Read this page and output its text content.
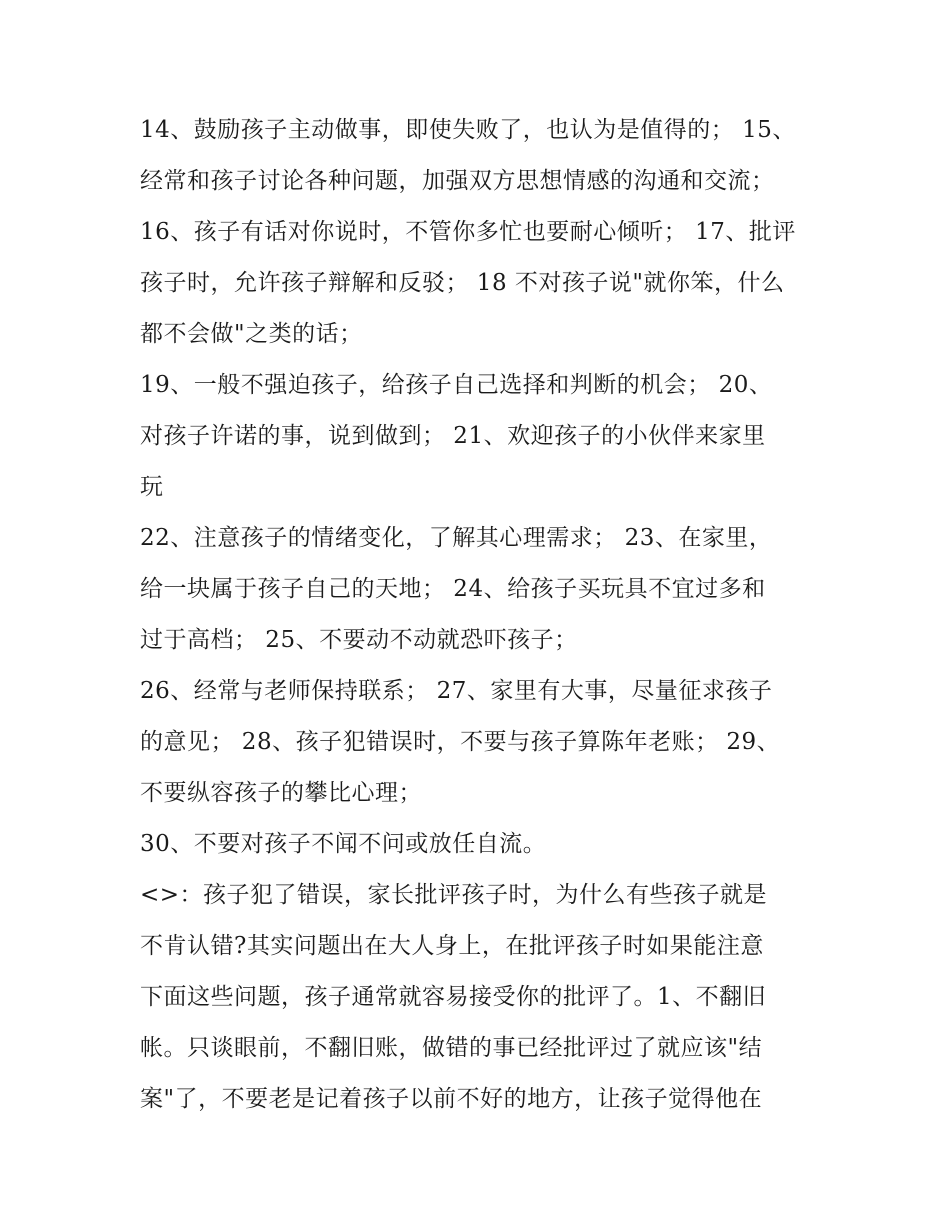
14、鼓励孩子主动做事，即使失败了，也认为是值得的； 15、
经常和孩子讨论各种问题，加强双方思想情感的沟通和交流；
16、孩子有话对你说时，不管你多忙也要耐心倾听； 17、批评
孩子时，允许孩子辩解和反驳； 18 不对孩子说"就你笨，什么
都不会做"之类的话；
19、一般不强迫孩子，给孩子自己选择和判断的机会； 20、
对孩子许诺的事，说到做到； 21、欢迎孩子的小伙伴来家里
玩
22、注意孩子的情绪变化，了解其心理需求； 23、在家里，
给一块属于孩子自己的天地； 24、给孩子买玩具不宜过多和
过于高档； 25、不要动不动就恐吓孩子；
26、经常与老师保持联系； 27、家里有大事，尽量征求孩子
的意见； 28、孩子犯错误时，不要与孩子算陈年老账； 29、
不要纵容孩子的攀比心理；
30、不要对孩子不闻不问或放任自流。
<>：孩子犯了错误，家长批评孩子时，为什么有些孩子就是
不肯认错?其实问题出在大人身上，在批评孩子时如果能注意
下面这些问题，孩子通常就容易接受你的批评了。1、不翻旧
帐。只谈眼前，不翻旧账，做错的事已经批评过了就应该"结
案"了，不要老是记着孩子以前不好的地方，让孩子觉得他在
